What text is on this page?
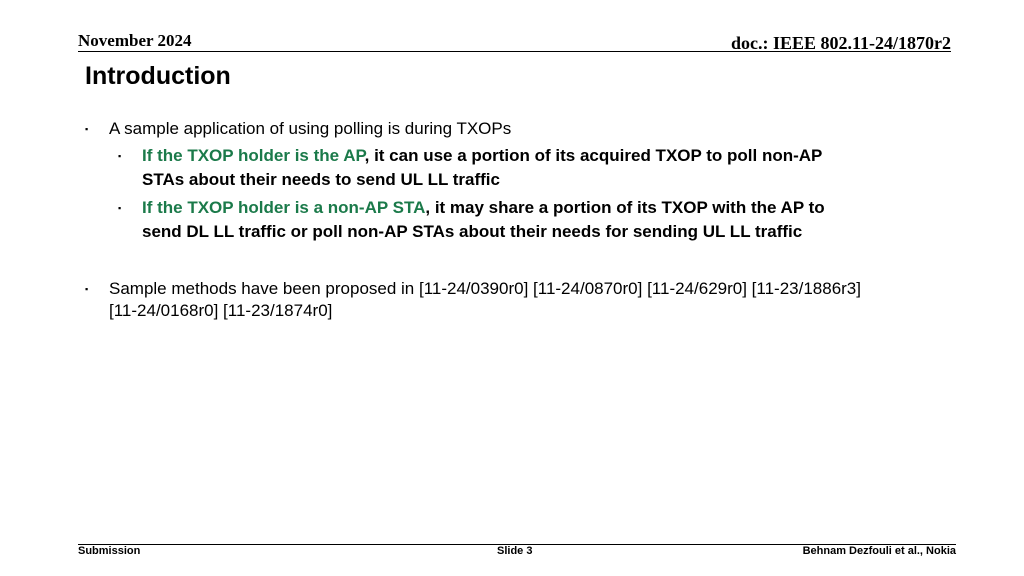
November 2024	doc.: IEEE 802.11-24/1870r2
Introduction
▪ A sample application of using polling is during TXOPs
▪ If the TXOP holder is the AP, it can use a portion of its acquired TXOP to poll non-AP
STAs about their needs to send UL LL traffic
▪ If the TXOP holder is a non-AP STA, it may share a portion of its TXOP with the AP to
send DL LL traffic or poll non-AP STAs about their needs for sending UL LL traffic
▪ Sample methods have been proposed in [11-24/0390r0] [11-24/0870r0] [11-24/629r0] [11-23/1886r3]
[11-24/0168r0] [11-23/1874r0]
Submission	Slide 3	Behnam Dezfouli et al., Nokia
